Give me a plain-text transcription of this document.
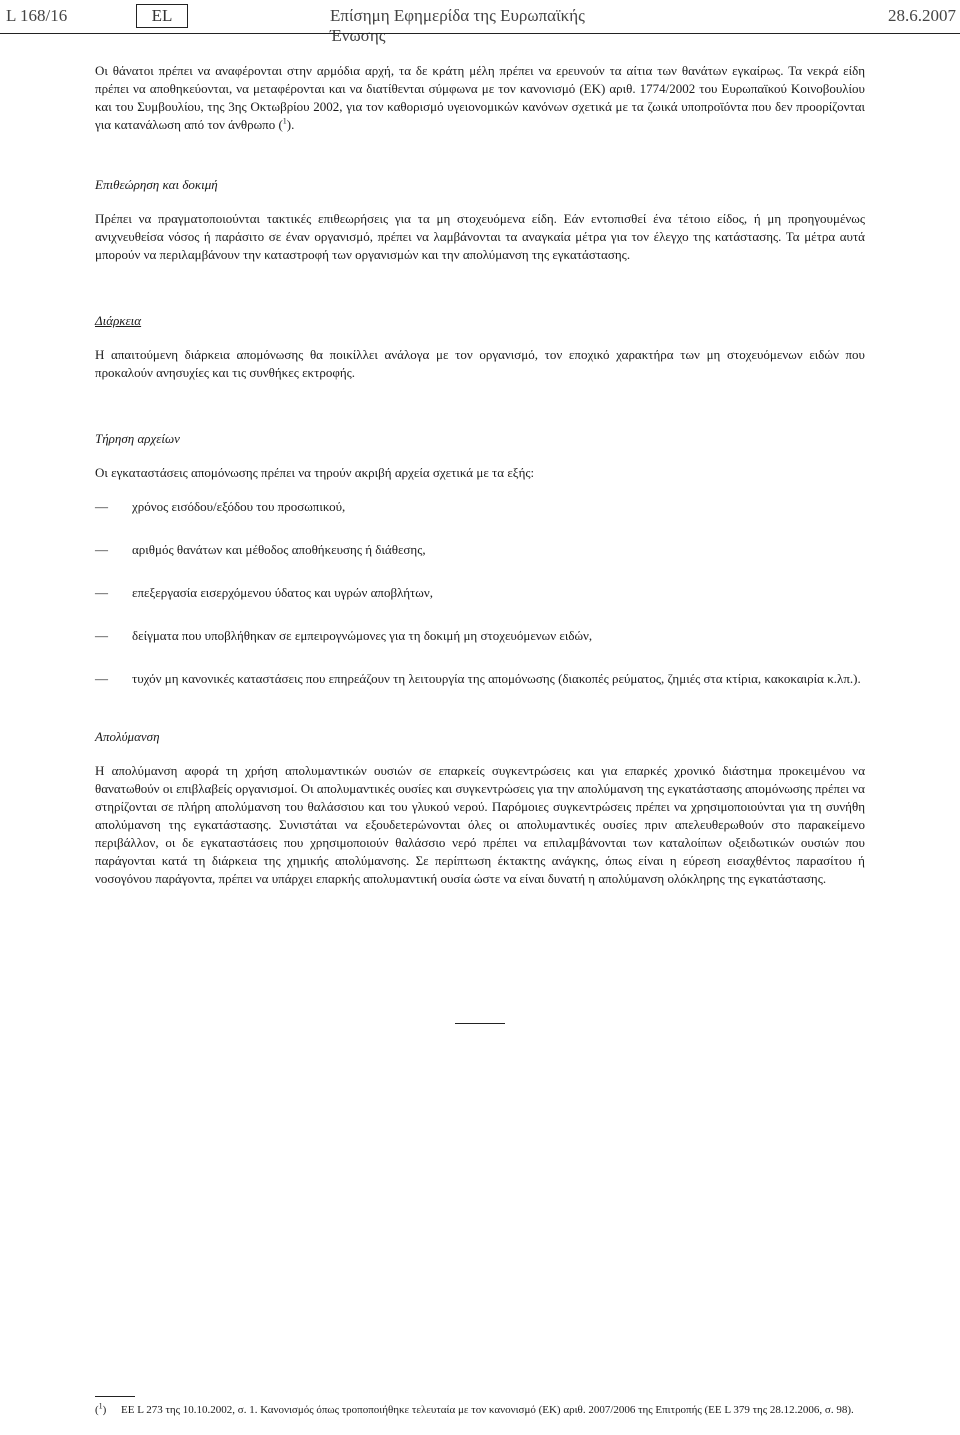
L 168/16	EL	Επίσημη Εφημερίδα της Ευρωπαϊκής Ένωσης
28.6.2007

Οι θάνατοι πρέπει να αναφέρονται στην αρμόδια αρχή, τα δε κράτη μέλη πρέπει να ερευνούν τα αίτια των θανάτων εγκαίρως. Τα νεκρά είδη πρέπει να αποθηκεύονται, να μεταφέρονται και να διατίθενται σύμφωνα με τον κανονισμό (ΕΚ) αριθ. 1774/2002 του Ευρωπαϊκού Κοινοβουλίου και του Συμβουλίου, της 3ης Οκτωβρίου 2002, για τον καθορισμό υγειονομικών κανόνων σχετικά με τα ζωικά υποπροϊόντα που δεν προορίζονται για κατανάλωση από τον άνθρωπο ($^1$).

Επιθεώρηση και δοκιμή

Πρέπει να πραγματοποιούνται τακτικές επιθεωρήσεις για τα μη στοχευόμενα είδη. Εάν εντοπισθεί ένα τέτοιο είδος, ή μη προηγουμένως ανιχνευθείσα νόσος ή παράσιτο σε έναν οργανισμό, πρέπει να λαμβάνονται τα αναγκαία μέτρα για τον έλεγχο της κατάστασης. Τα μέτρα αυτά μπορούν να περιλαμβάνουν την καταστροφή των οργανισμών και την απολύμανση της εγκατάστασης.

Διάρκεια

Η απαιτούμενη διάρκεια απομόνωσης θα ποικίλλει ανάλογα με τον οργανισμό, τον εποχικό χαρακτήρα των μη στοχευόμενων ειδών που προκαλούν ανησυχίες και τις συνθήκες εκτροφής.

Τήρηση αρχείων

Οι εγκαταστάσεις απομόνωσης πρέπει να τηρούν ακριβή αρχεία σχετικά με τα εξής:

— χρόνος εισόδου/εξόδου του προσωπικού,
— αριθμός θανάτων και μέθοδος αποθήκευσης ή διάθεσης,
— επεξεργασία εισερχόμενου ύδατος και υγρών αποβλήτων,
— δείγματα που υποβλήθηκαν σε εμπειρογνώμονες για τη δοκιμή μη στοχευόμενων ειδών,
— τυχόν μη κανονικές καταστάσεις που επηρεάζουν τη λειτουργία της απομόνωσης (διακοπές ρεύματος, ζημιές στα κτίρια, κακοκαιρία κ.λπ.).
Απολύμανση

Η απολύμανση αφορά τη χρήση απολυμαντικών ουσιών σε επαρκείς συγκεντρώσεις και για επαρκές χρονικό διάστημα προκειμένου να θανατωθούν οι επιβλαβείς οργανισμοί. Οι απολυμαντικές ουσίες και συγκεντρώσεις για την απολύμανση της εγκατάστασης απομόνωσης πρέπει να στηρίζονται σε πλήρη απολύμανση του θαλάσσιου και του γλυκού νερού. Παρόμοιες συγκεντρώσεις πρέπει να χρησιμοποιούνται για τη συνήθη απολύμανση της εγκατάστασης. Συνιστάται να εξουδετερώνονται όλες οι απολυμαντικές ουσίες πριν απελευθερωθούν στο παρακείμενο περιβάλλον, οι δε εγκαταστάσεις που χρησιμοποιούν θαλάσσιο νερό πρέπει να επιλαμβάνονται των καταλοίπων οξειδωτικών ουσιών που παράγονται κατά τη διάρκεια της χημικής απολύμανσης. Σε περίπτωση έκτακτης ανάγκης, όπως είναι η εύρεση εισαχθέντος παρασίτου ή νοσογόνου παράγοντα, πρέπει να υπάρχει επαρκής απολυμαντική ουσία ώστε να είναι δυνατή η απολύμανση ολόκληρης της εγκατάστασης.

($^1$)	ΕΕ L 273 της 10.10.2002, σ. 1. Κανονισμός όπως τροποποιήθηκε τελευταία με τον κανονισμό (ΕΚ) αριθ. 2007/2006 της Επιτροπής (ΕΕ L 379 της 28.12.2006, σ. 98).
